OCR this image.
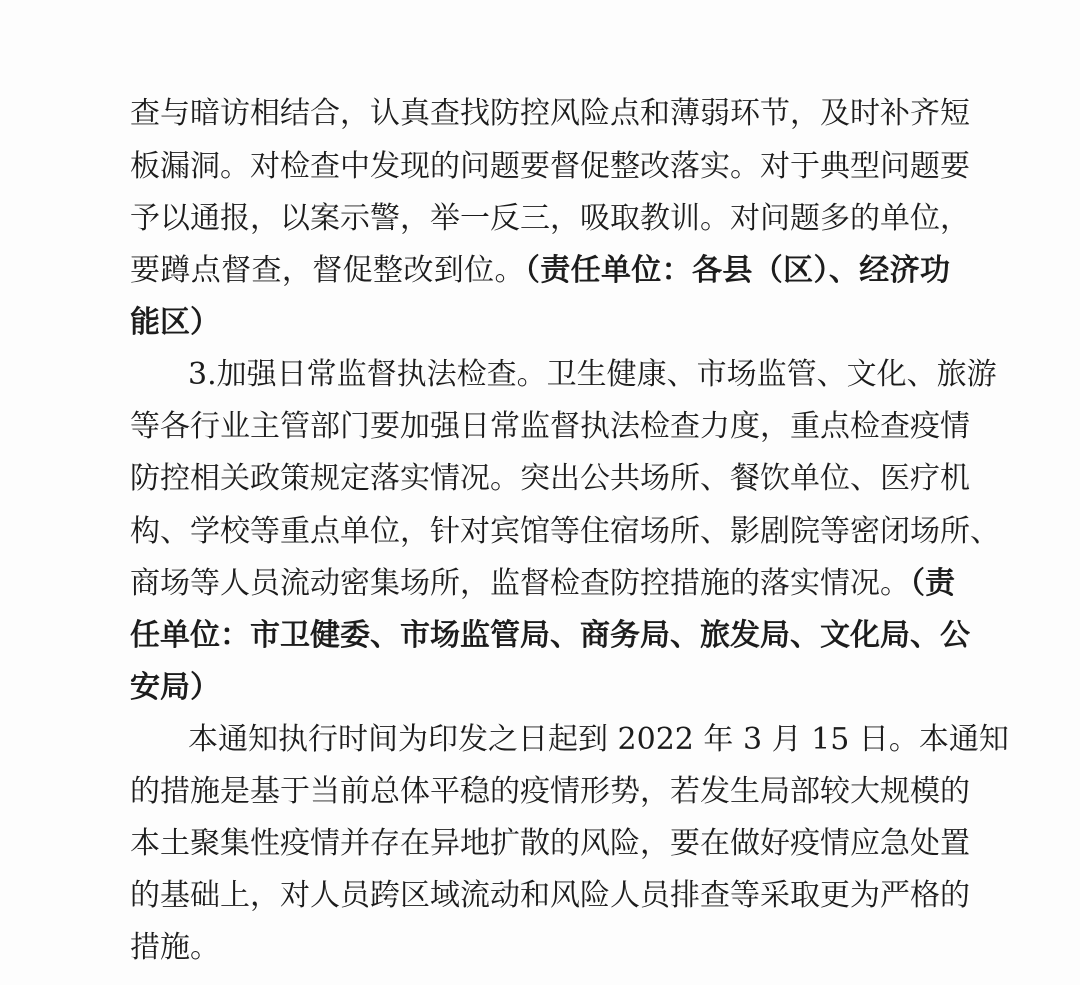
查与暗访相结合，认真查找防控风险点和薄弱环节，及时补齐短

板漏洞。对检查中发现的问题要督促整改落实。对于典型问题要

予以通报，以案示警，举一反三，吸取教训。对问题多的单位，

要蹲点督查，督促整改到位。（责任单位：各县（区）、经济功

能区）

3.加强日常监督执法检查。卫生健康、市场监管、文化、旅游

等各行业主管部门要加强日常监督执法检查力度，重点检查疫情

防控相关政策规定落实情况。突出公共场所、餐饮单位、医疗机

构、学校等重点单位，针对宾馆等住宿场所、影剧院等密闭场所、

商场等人员流动密集场所，监督检查防控措施的落实情况。（责

任单位：市卫健委、市场监管局、商务局、旅发局、文化局、公

安局）

本通知执行时间为印发之日起到 2022 年 3 月 15 日。本通知

的措施是基于当前总体平稳的疫情形势，若发生局部较大规模的

本土聚集性疫情并存在异地扩散的风险，要在做好疫情应急处置

的基础上，对人员跨区域流动和风险人员排查等采取更为严格的

措施。
